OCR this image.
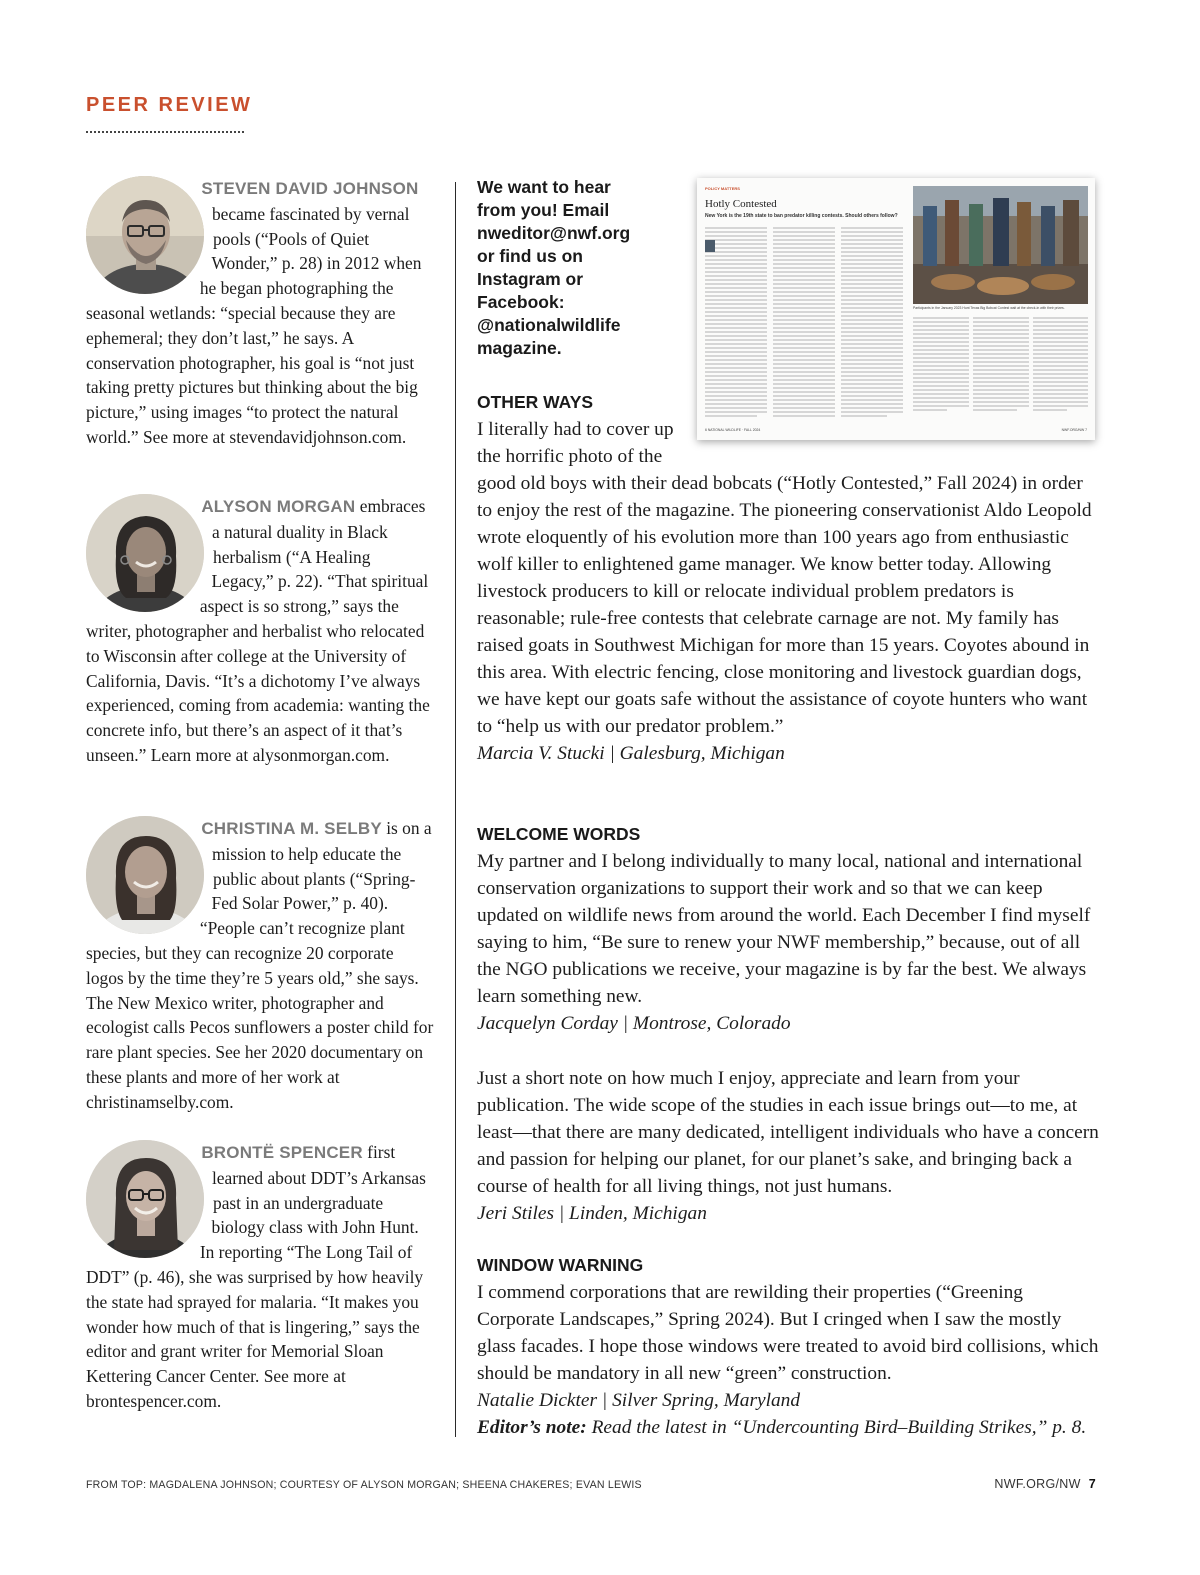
PEER REVIEW
STEVEN DAVID JOHNSON became fascinated by vernal pools (“Pools of Quiet Wonder,” p. 28) in 2012 when he began photographing the seasonal wetlands: “special because they are ephemeral; they don’t last,” he says. A conservation photographer, his goal is “not just taking pretty pictures but thinking about the big picture,” using images “to protect the natural world.” See more at stevendavidjohnson.com.
ALYSON MORGAN embraces a natural duality in Black herbalism (“A Healing Legacy,” p. 22). “That spiritual aspect is so strong,” says the writer, photographer and herbalist who relocated to Wisconsin after college at the University of California, Davis. “It’s a dichotomy I’ve always experienced, coming from academia: wanting the concrete info, but there’s an aspect of it that’s unseen.” Learn more at alysonmorgan.com.
CHRISTINA M. SELBY is on a mission to help educate the public about plants (“Spring-Fed Solar Power,” p. 40). “People can’t recognize plant species, but they can recognize 20 corporate logos by the time they’re 5 years old,” she says. The New Mexico writer, photographer and ecologist calls Pecos sunflowers a poster child for rare plant species. See her 2020 documentary on these plants and more of her work at christinamselby.com.
BRONTË SPENCER first learned about DDT’s Arkansas past in an undergraduate biology class with John Hunt. In reporting “The Long Tail of DDT” (p. 46), she was surprised by how heavily the state had sprayed for malaria. “It makes you wonder how much of that is lingering,” says the editor and grant writer for Memorial Sloan Kettering Cancer Center. See more at brontespencer.com.
We want to hear from you! Email nweditor@nwf.org or find us on Instagram or Facebook: @nationalwildlife magazine.
POLICY MATTERS
Hotly Contested
New York is the 19th state to ban predator killing contests. Should others follow?
Participants in the January 2023 Hunt Texas Big Bobcat Contest wait at the check-in with their prizes.
6 NATIONAL WILDLIFE · FALL 2024	NWF.ORG/NW 7
OTHER WAYS
I literally had to cover up the horrific photo of the good old boys with their dead bobcats (“Hotly Contested,” Fall 2024) in order to enjoy the rest of the magazine. The pioneering conservationist Aldo Leopold wrote eloquently of his evolution more than 100 years ago from enthusiastic wolf killer to enlightened game manager. We know better today. Allowing livestock producers to kill or relocate individual problem predators is reasonable; rule-free contests that celebrate carnage are not. My family has raised goats in Southwest Michigan for more than 15 years. Coyotes abound in this area. With electric fencing, close monitoring and livestock guardian dogs, we have kept our goats safe without the assistance of coyote hunters who want to “help us with our predator problem.”
Marcia V. Stucki | Galesburg, Michigan
WELCOME WORDS
My partner and I belong individually to many local, national and international conservation organizations to support their work and so that we can keep updated on wildlife news from around the world. Each December I find myself saying to him, “Be sure to renew your NWF membership,” because, out of all the NGO publications we receive, your magazine is by far the best. We always learn something new.
Jacquelyn Corday | Montrose, Colorado
Just a short note on how much I enjoy, appreciate and learn from your publication. The wide scope of the studies in each issue brings out—to me, at least—that there are many dedicated, intelligent individuals who have a concern and passion for helping our planet, for our planet’s sake, and bringing back a course of health for all living things, not just humans.
Jeri Stiles | Linden, Michigan
WINDOW WARNING
I commend corporations that are rewilding their properties (“Greening Corporate Landscapes,” Spring 2024). But I cringed when I saw the mostly glass facades. I hope those windows were treated to avoid bird collisions, which should be mandatory in all new “green” construction.
Natalie Dickter | Silver Spring, Maryland
Editor’s note: Read the latest in “Undercounting Bird–Building Strikes,” p. 8.
FROM TOP: MAGDALENA JOHNSON; COURTESY OF ALYSON MORGAN; SHEENA CHAKERES; EVAN LEWIS	NWF.ORG/NW 7
